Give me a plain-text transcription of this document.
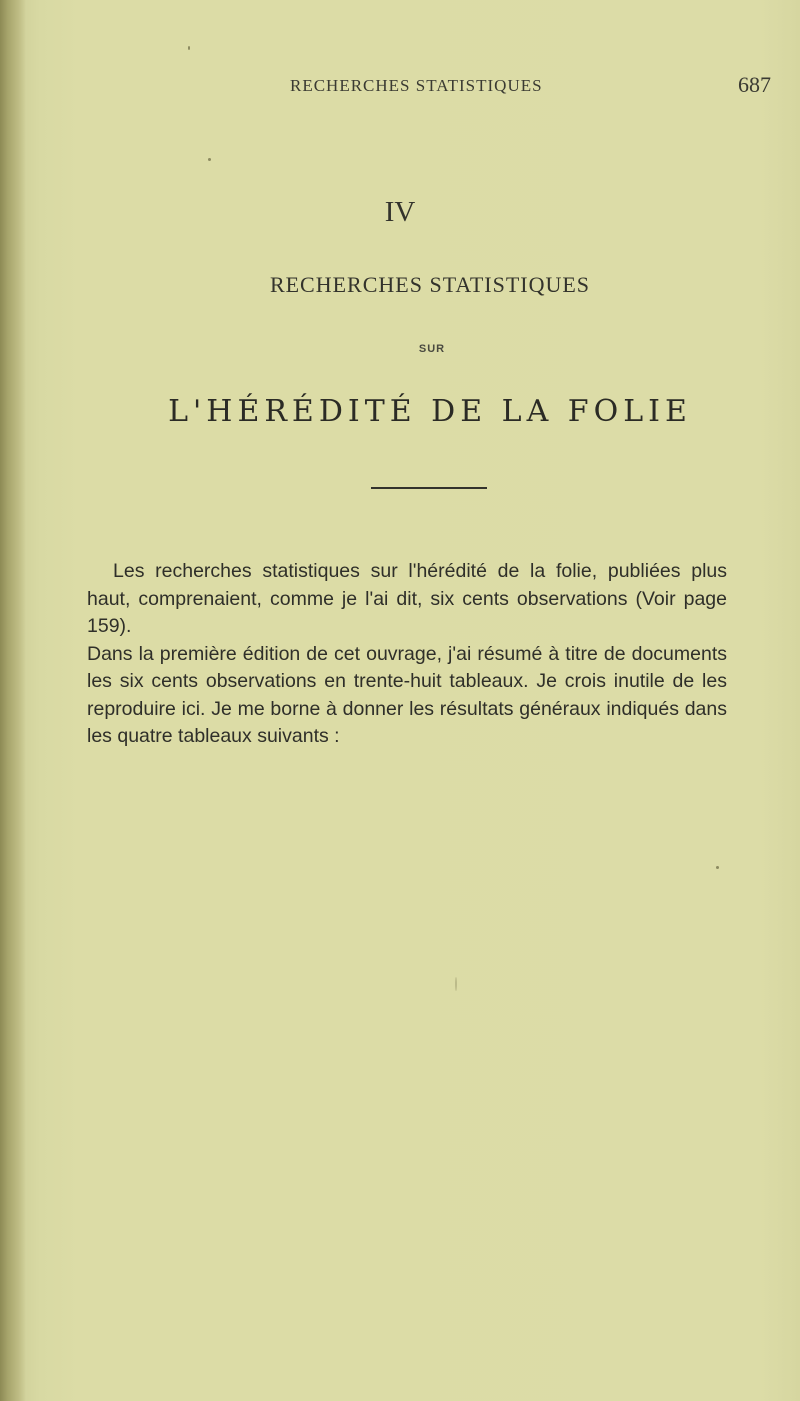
RECHERCHES STATISTIQUES	687
IV
RECHERCHES STATISTIQUES
SUR
L'HÉRÉDITÉ DE LA FOLIE

Les recherches statistiques sur l'hérédité de la folie, publiées plus haut, comprenaient, comme je l'ai dit, six cents observations (Voir page 159).

Dans la première édition de cet ouvrage, j'ai résumé à titre de documents les six cents observations en trente-huit tableaux. Je crois inutile de les reproduire ici. Je me borne à donner les résultats généraux indiqués dans les quatre tableaux suivants :
